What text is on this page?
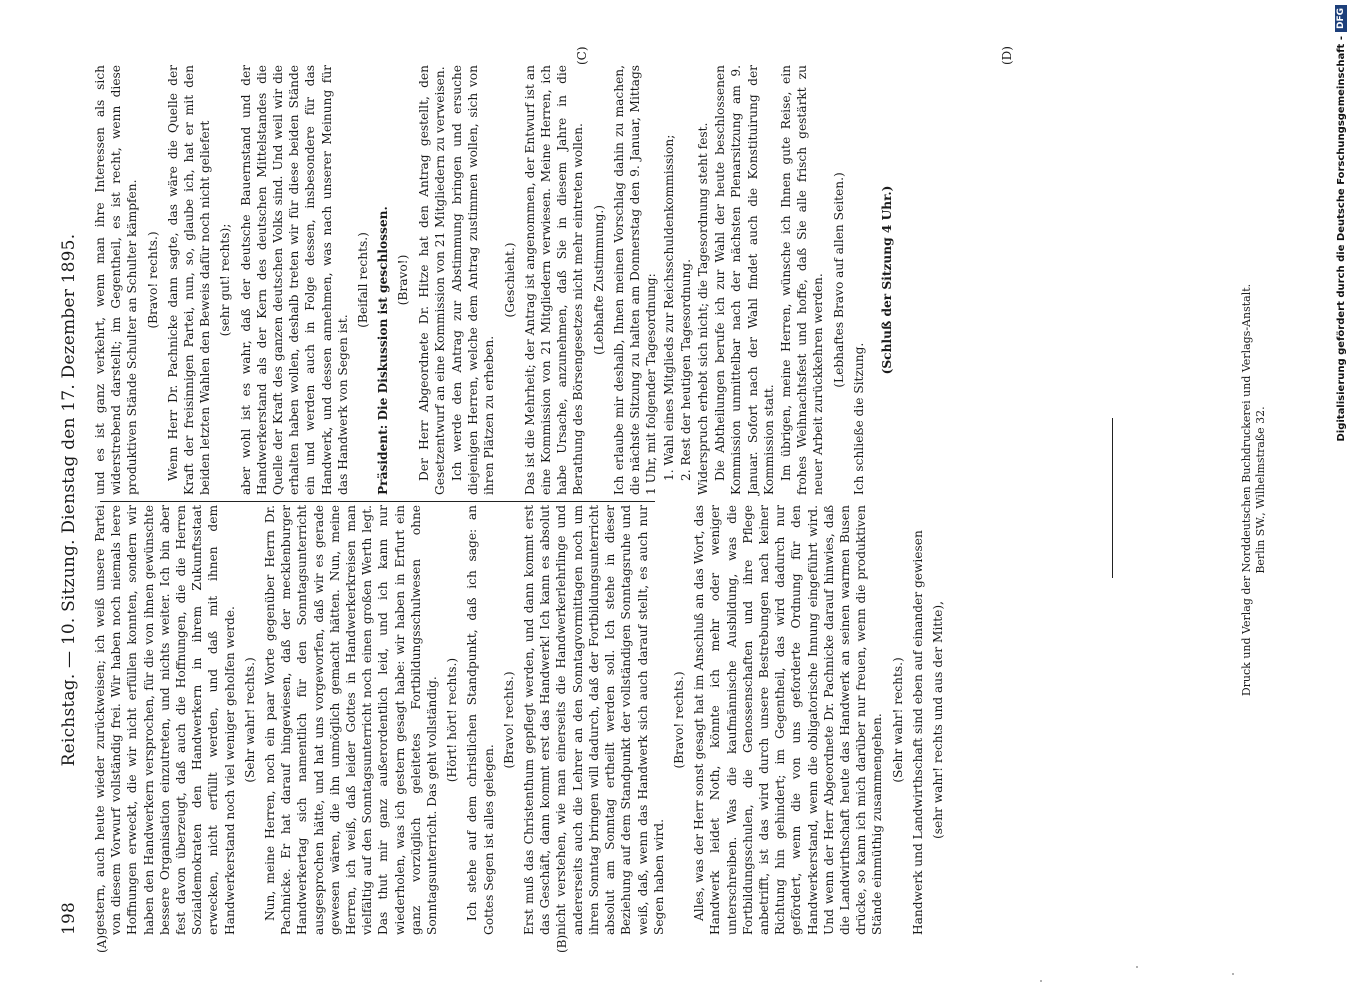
198
Reichstag. — 10. Sitzung. Dienstag den 17. Dezember 1895.
(A)	(B)
(C)	(D)

gestern, auch heute wieder zurückweisen; ich weiß unsere Partei von diesem Vorwurf vollständig frei. Wir haben noch niemals leere Hoffnungen erweckt, die wir nicht erfüllen konnten, sondern wir haben den Handwerkern versprochen, für die von ihnen gewünschte bessere Organisation einzutreten, und nichts weiter. Ich bin aber fest davon überzeugt, daß auch die Hoffnungen, die die Herren Sozialdemokraten den Handwerkern in ihrem Zukunftsstaat erwecken, nicht erfüllt werden, und daß mit ihnen dem Handwerkerstand noch viel weniger geholfen werde. (Sehr wahr! rechts.) Nun, meine Herren, noch ein paar Worte gegenüber Herrn Dr. Pachnicke. Er hat darauf hingewiesen, daß der mecklenburger Handwerkertag sich namentlich für den Sonntagsunterricht ausgesprochen hätte, und hat uns vorgeworfen, daß wir es gerade gewesen wären, die ihn unmöglich gemacht hätten. Nun, meine Herren, ich weiß, daß leider Gottes in Handwerkerkreisen man vielfältig auf den Sonntagsunterricht noch einen großen Werth legt. Das thut mir ganz außerordentlich leid, und ich kann nur wiederholen, was ich gestern gesagt habe: wir haben in Erfurt ein ganz vorzüglich geleitetes Fortbildungsschulwesen ohne Sonntagsunterricht. Das geht vollständig. (Hört! hört! rechts.) Ich stehe auf dem christlichen Standpunkt, daß ich sage: an Gottes Segen ist alles gelegen.

(Bravo! rechts.) Erst muß das Christenthum gepflegt werden, und dann kommt erst das Geschäft, dann kommt erst das Handwerk! Ich kann es absolut nicht verstehen, wie man einerseits die Handwerkerlehrlinge und andererseits auch die Lehrer an den Sonntagvormittagen noch um ihren Sonntag bringen will dadurch, daß der Fortbildungsunterricht absolut am Sonntag ertheilt werden soll. Ich stehe in dieser Beziehung auf dem Standpunkt der vollständigen Sonntagsruhe und weiß, daß, wenn das Handwerk sich auch darauf stellt, es auch nur Segen haben wird.

(Bravo! rechts.) Alles, was der Herr sonst gesagt hat im Anschluß an das Wort, das Handwerk leidet Noth, könnte ich mehr oder weniger unterschreiben. Was die kaufmännische Ausbildung, was die Fortbildungsschulen, die Genossenschaften und ihre Pflege anbetrifft, ist das wird durch unsere Bestrebungen nach keiner Richtung hin gehindert; im Gegentheil, das wird dadurch nur gefördert, wenn die von uns geforderte Ordnung für den Handwerkerstand, wenn die obligatorische Innung eingeführt wird. Und wenn der Herr Abgeordnete Dr. Pachnicke darauf hinwies, daß die Landwirthschaft heute das Handwerk an seinen warmen Busen drücke, so kann ich mich darüber nur freuen, wenn die produktiven Stände einmüthig zusammengehen. (Sehr wahr! rechts.) Handwerk und Landwirthschaft sind eben auf einander gewiesen (sehr wahr! rechts und aus der Mitte),

und es ist ganz verkehrt, wenn man ihre Interessen als sich widerstrebend darstellt; im Gegentheil, es ist recht, wenn diese produktiven Stände Schulter an Schulter kämpfen. (Bravo! rechts.) Wenn Herr Dr. Pachnicke dann sagte, das wäre die Quelle der Kraft der freisinnigen Partei, nun, so, glaube ich, hat er mit den beiden letzten Wahlen den Beweis dafür noch nicht geliefert (sehr gut! rechts); aber wohl ist es wahr, daß der deutsche Bauernstand und der Handwerkerstand als der Kern des deutschen Mittelstandes die Quelle der Kraft des ganzen deutschen Volks sind. Und weil wir die erhalten haben wollen, deshalb treten wir für diese beiden Stände ein und werden auch in Folge dessen, insbesondere für das Handwerk, und dessen annehmen, was nach unserer Meinung für das Handwerk von Segen ist.

(Beifall rechts.) Präsident: Die Diskussion ist geschlossen. (Bravo!) Der Herr Abgeordnete Dr. Hitze hat den Antrag gestellt, den Gesetzentwurf an eine Kommission von 21 Mitgliedern zu verweisen. Ich werde den Antrag zur Abstimmung bringen und ersuche diejenigen Herren, welche dem Antrag zustimmen wollen, sich von ihren Plätzen zu erheben.

(Geschieht.) Das ist die Mehrheit; der Antrag ist angenommen, der Entwurf ist an eine Kommission von 21 Mitgliedern verwiesen. Meine Herren, ich habe Ursache, anzunehmen, daß Sie in diesem Jahre in die Berathung des Börsengesetzes nicht mehr eintreten wollen. (Lebhafte Zustimmung.) Ich erlaube mir deshalb, Ihnen meinen Vorschlag dahin zu machen, die nächste Sitzung zu halten am Donnerstag den 9. Januar, Mittags 1 Uhr, mit folgender Tagesordnung: 1. Wahl eines Mitglieds zur Reichsschuldenkommission; 2. Rest der heutigen Tagesordnung. Widerspruch erhebt sich nicht; die Tagesordnung steht fest. Die Abtheilungen berufe ich zur Wahl der heute beschlossenen Kommission unmittelbar nach der nächsten Plenarsitzung am 9. Januar. Sofort nach der Wahl findet auch die Konstituirung der Kommission statt. Im übrigen, meine Herren, wünsche ich Ihnen gute Reise, ein frohes Weihnachtsfest und hoffe, daß Sie alle frisch gestärkt zu neuer Arbeit zurückkehren werden. (Lebhaftes Bravo auf allen Seiten.)

Ich schließe die Sitzung.

(Schluß der Sitzung 4 Uhr.)

Druck und Verlag der Norddeutschen Buchdruckerei und Verlags-Anstalt. Berlin SW., Wilhelmstraße 32.
Digitalisierung gefördert durch die Deutsche Forschungsgemeinschaft -DFG
